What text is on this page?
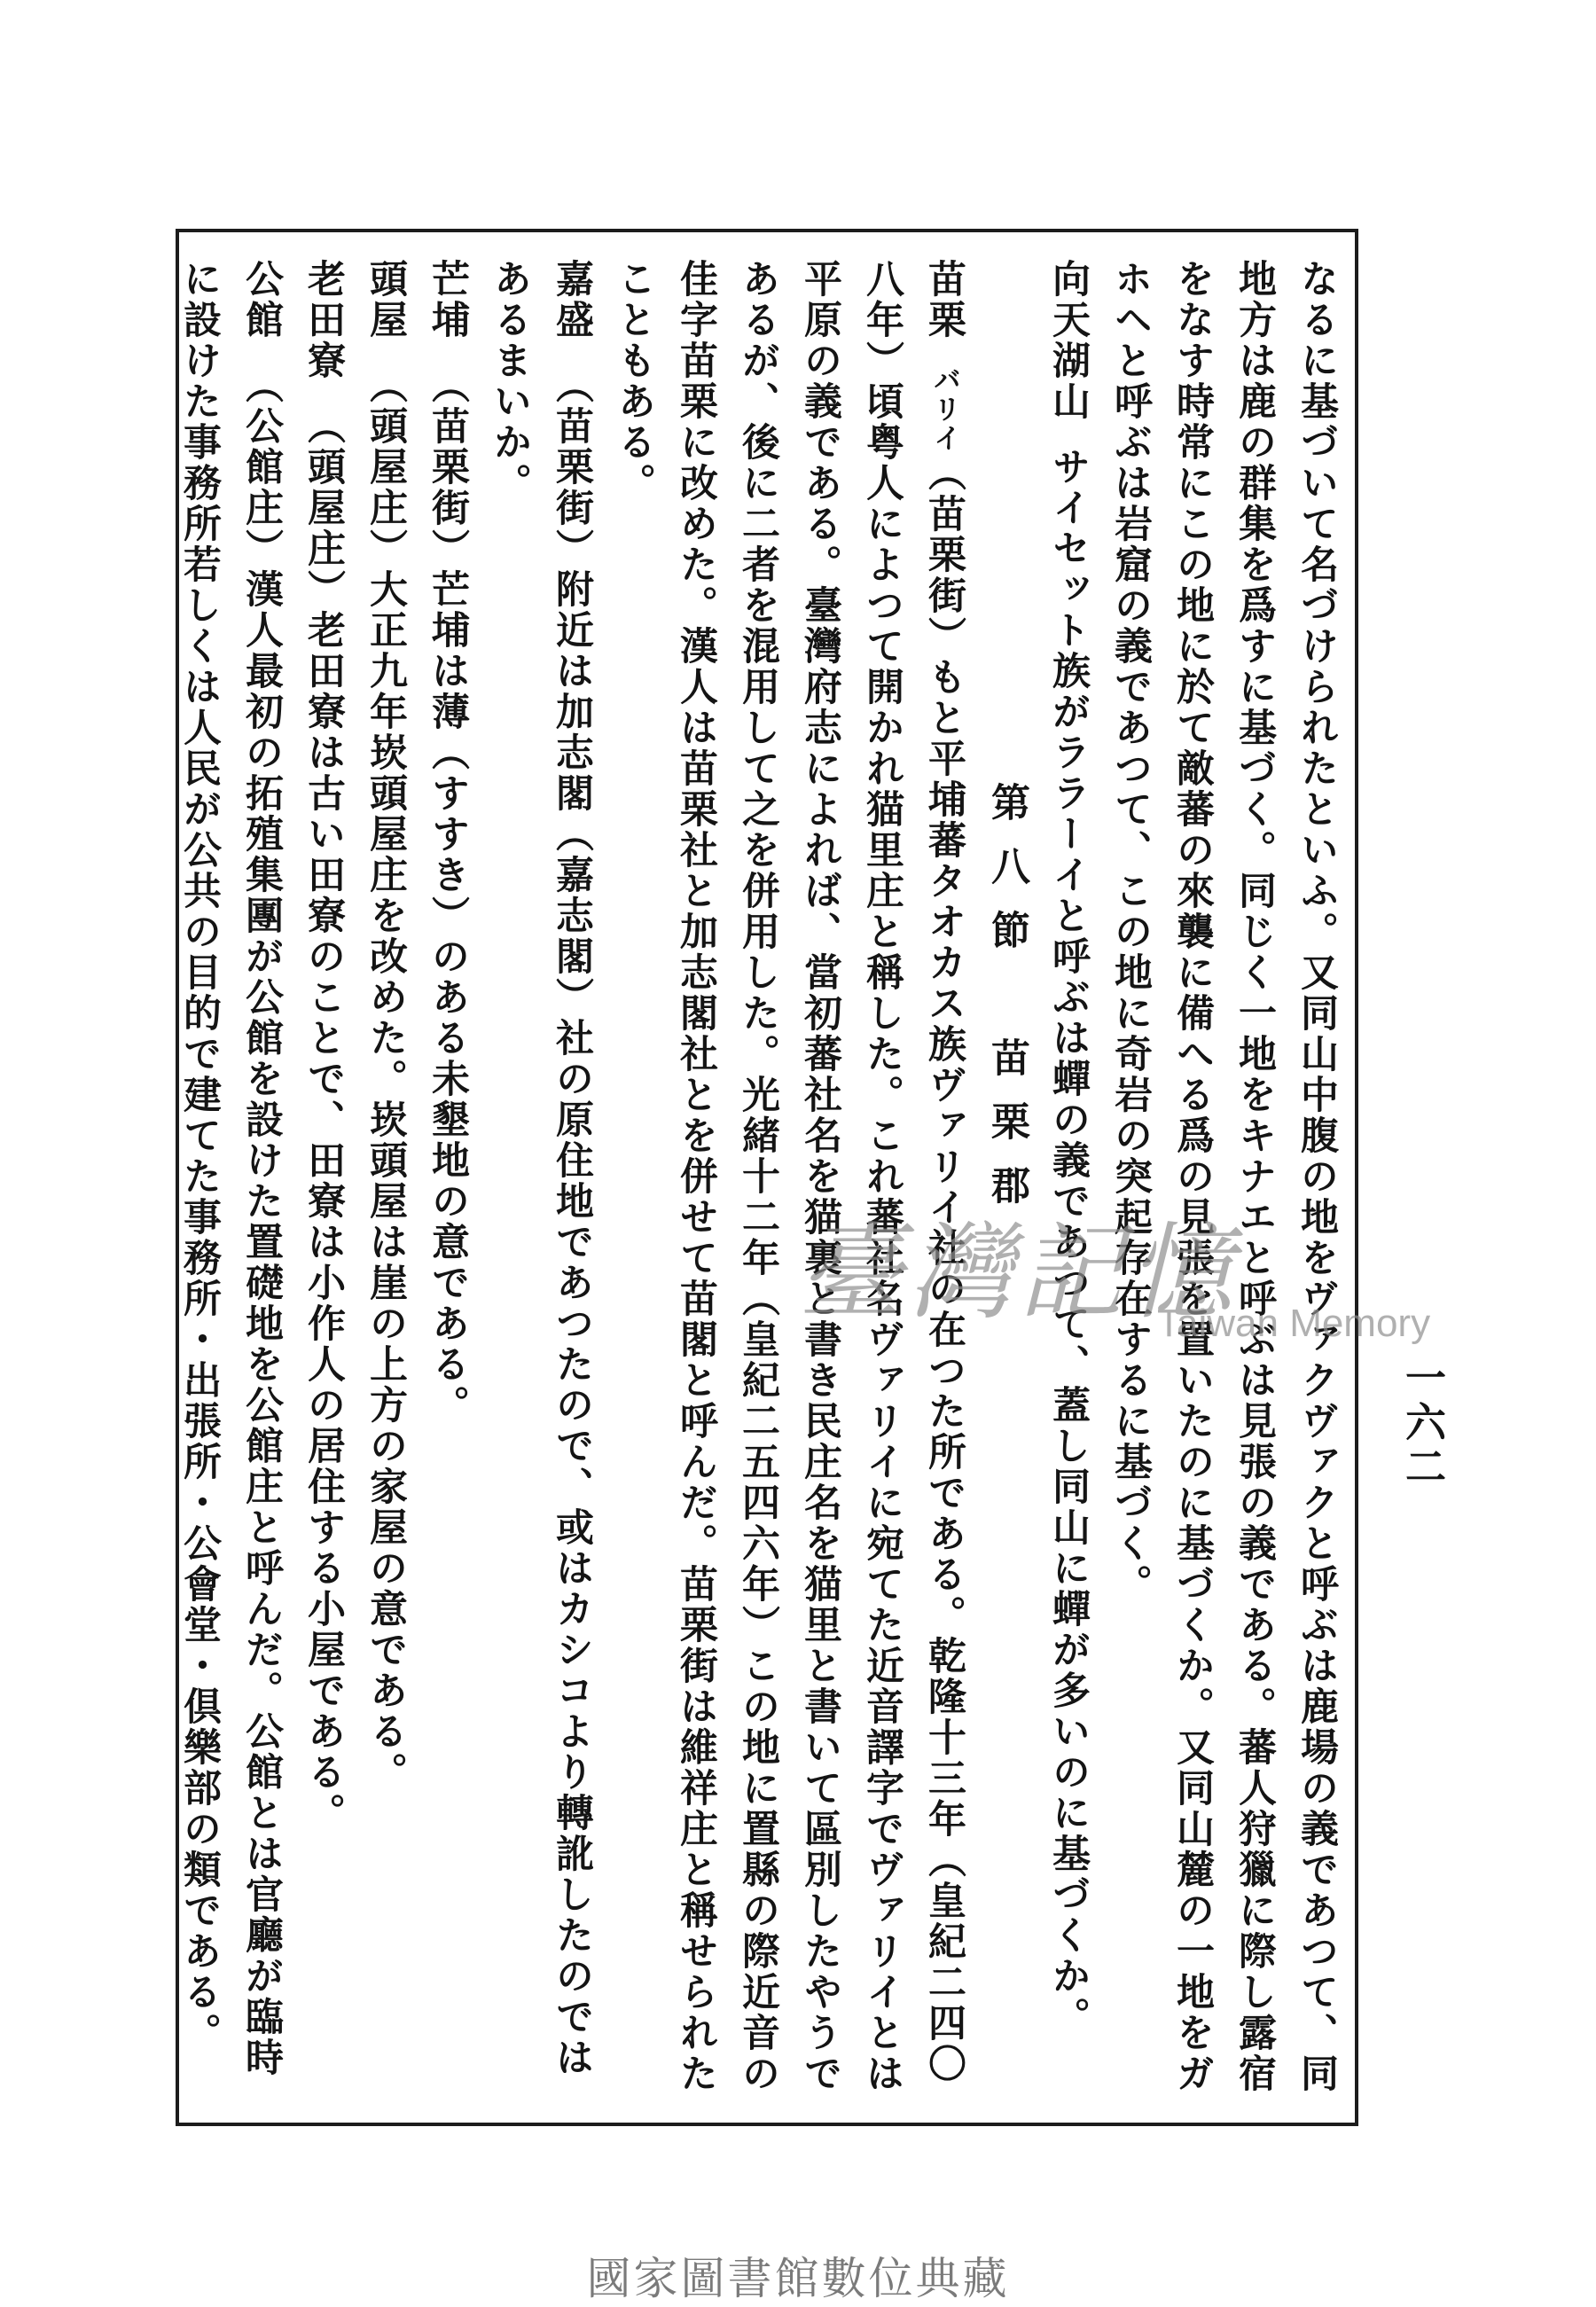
なるに基づいて名づけられたといふ。又同山中腹の地をヴァクヴァクと呼ぶは鹿場の義であつて、同地方は鹿の群集を爲すに基づく。同じく一地をキナエと呼ぶは見張の義である。蕃人狩獵に際し露宿をなす時常にこの地に於て敵蕃の來襲に備へる爲の見張を置いたのに基づくか。又同山麓の一地をガホヘと呼ぶは岩窟の義であつて、この地に奇岩の突起存在するに基づく。

向天湖山サイセット族がララーイと呼ぶは蟬の義であつて、蓋し同山に蟬が多いのに基づくか。

第八節　苗栗郡

苗栗バリイ（苗栗街）もと平埔蕃タオカス族ヴァリイ社の在つた所である。乾隆十三年（皇紀二四〇八年）頃粤人によつて開かれ猫里庄と稱した。これ蕃社名ヴァリイに宛てた近音譯字でヴァリイとは平原の義である。臺灣府志によれば、當初蕃社名を猫裏と書き民庄名を猫里と書いて區別したやうであるが、後に二者を混用して之を併用した。光緒十二年（皇紀二五四六年）この地に置縣の際近音の佳字苗栗に改めた。漢人は苗栗社と加志閣社とを併せて苗閣と呼んだ。苗栗街は維祥庄と稱せられたこともある。

嘉盛（苗栗街）附近は加志閣（嘉志閣）社の原住地であつたので、或はカシコより轉訛したのではあるまいか。

芒埔（苗栗街）芒埔は薄（すすき）のある未墾地の意である。

頭屋（頭屋庄）大正九年崁頭屋庄を改めた。崁頭屋は崖の上方の家屋の意である。

老田寮（頭屋庄）老田寮は古い田寮のことで、田寮は小作人の居住する小屋である。

公館（公館庄）漢人最初の拓殖集團が公館を設けた置礎地を公館庄と呼んだ。公館とは官廳が臨時に設けた事務所若しくは人民が公共の目的で建てた事務所・出張所・公會堂・倶樂部の類である。	一六二
臺灣記憶
Taiwan Memory
國家圖書館數位典藏
